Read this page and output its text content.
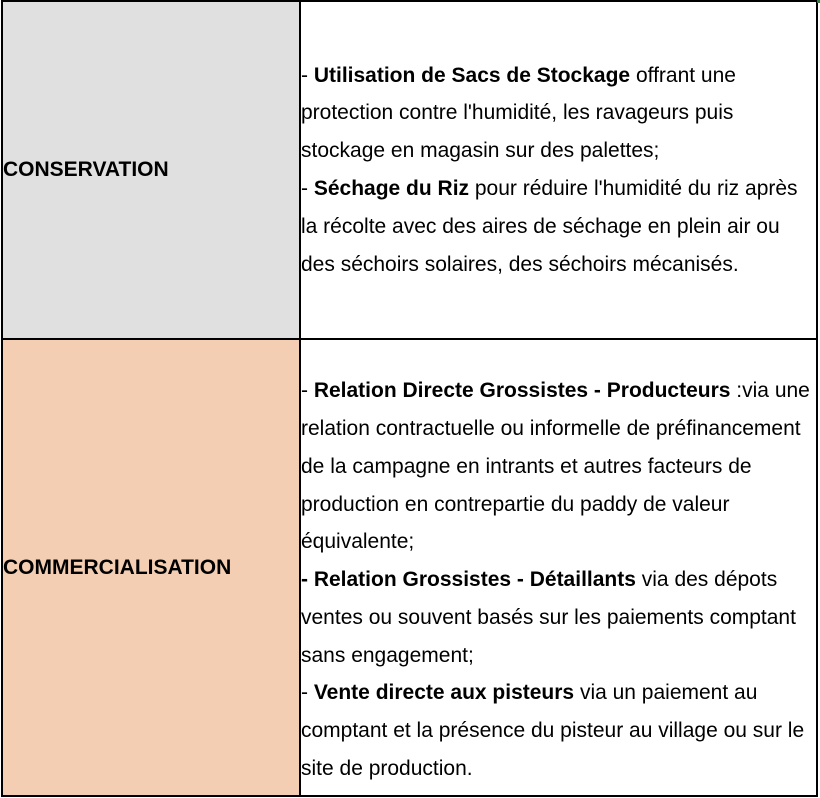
CONSERVATION	- Utilisation de Sacs de Stockage offrant une protection contre l'humidité, les ravageurs puis stockage en magasin sur des palettes;
- Séchage du Riz pour réduire l'humidité du riz après la récolte avec des aires de séchage en plein air ou des séchoirs solaires, des séchoirs mécanisés.

COMMERCIALISATION	- Relation Directe Grossistes - Producteurs :via une relation contractuelle ou informelle de préfinancement de la campagne en intrants et autres facteurs de production en contrepartie du paddy de valeur équivalente;
- Relation Grossistes - Détaillants via des dépots ventes ou souvent basés sur les paiements comptant sans engagement;
- Vente directe aux pisteurs via un paiement au comptant et la présence du pisteur au village ou sur le site de production.
